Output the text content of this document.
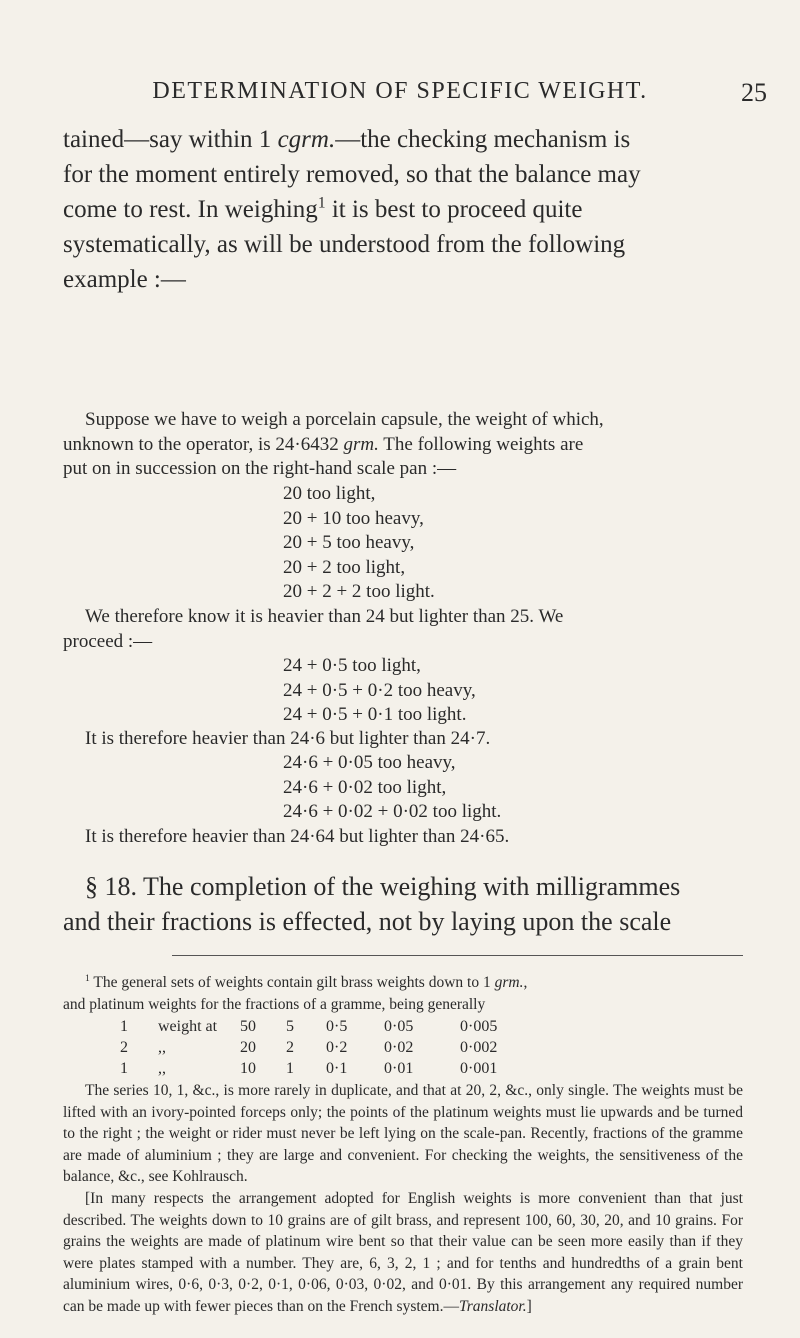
DETERMINATION OF SPECIFIC WEIGHT.	25
tained—say within 1 cgrm.—the checking mechanism is
for the moment entirely removed, so that the balance may
come to rest. In weighing$^1$ it is best to proceed quite
systematically, as will be understood from the following
example :—
Suppose we have to weigh a porcelain capsule, the weight of which,
unknown to the operator, is 24·6432 grm. The following weights are
put on in succession on the right-hand scale pan :—
20 too light,
20 + 10 too heavy,
20 + 5 too heavy,
20 + 2 too light,
20 + 2 + 2 too light.
We therefore know it is heavier than 24 but lighter than 25. We
proceed :—
24 + 0·5 too light,
24 + 0·5 + 0·2 too heavy,
24 + 0·5 + 0·1 too light.
It is therefore heavier than 24·6 but lighter than 24·7.
24·6 + 0·05 too heavy,
24·6 + 0·02 too light,
24·6 + 0·02 + 0·02 too light.
It is therefore heavier than 24·64 but lighter than 24·65.
§ 18. The completion of the weighing with milligrammes
and their fractions is effected, not by laying upon the scale
$^1$ The general sets of weights contain gilt brass weights down to 1 grm.,
and platinum weights for the fractions of a gramme, being generally
1	weight at	50	5	0·5	0·05	0·005
2	,,	20	2	0·2	0·02	0·002
1	,,	10	1	0·1	0·01	0·001
The series 10, 1, &c., is more rarely in duplicate, and that at 20, 2, &c., only single. The weights must be lifted with an ivory-pointed forceps only; the points of the platinum weights must lie upwards and be turned to the right ; the weight or rider must never be left lying on the scale-pan. Recently, fractions of the gramme are made of aluminium ; they are large and convenient. For checking the weights, the sensitiveness of the balance, &c., see Kohlrausch.
[In many respects the arrangement adopted for English weights is more convenient than that just described. The weights down to 10 grains are of gilt brass, and represent 100, 60, 30, 20, and 10 grains. For grains the weights are made of platinum wire bent so that their value can be seen more easily than if they were plates stamped with a number. They are, 6, 3, 2, 1 ; and for tenths and hundredths of a grain bent aluminium wires, 0·6, 0·3, 0·2, 0·1, 0·06, 0·03, 0·02, and 0·01. By this arrangement any required number can be made up with fewer pieces than on the French system.—Translator.]
